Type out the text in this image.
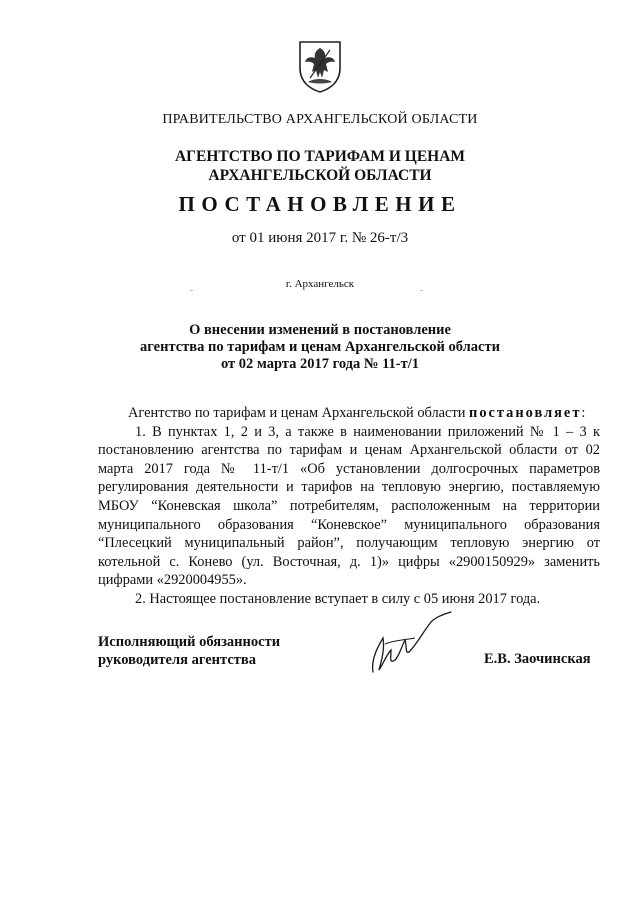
ПРАВИТЕЛЬСТВО АРХАНГЕЛЬСКОЙ ОБЛАСТИ
АГЕНТСТВО ПО ТАРИФАМ И ЦЕНАМ
АРХАНГЕЛЬСКОЙ ОБЛАСТИ
ПОСТАНОВЛЕНИЕ
от 01 июня 2017 г. № 26-т/3
г. Архангельск
О внесении изменений в постановление
агентства по тарифам и ценам Архангельской области
от 02 марта 2017 года № 11-т/1

Агентство по тарифам и ценам Архангельской области постановляет:

1. В пунктах 1, 2 и 3, а также в наименовании приложений № 1 – 3 к постановлению агентства по тарифам и ценам Архангельской области от 02 марта 2017 года № 11-т/1 «Об установлении долгосрочных параметров регулирования деятельности и тарифов на тепловую энергию, поставляемую МБОУ “Коневская школа” потребителям, расположенным на территории муниципального образования “Коневское” муниципального образования “Плесецкий муниципальный район”, получающим тепловую энергию от котельной с. Конево (ул. Восточная, д. 1)» цифры «2900150929» заменить цифрами «2920004955».

2. Настоящее постановление вступает в силу с 05 июня 2017 года.

Исполняющий обязанности
руководителя агентства	Е.В. Заочинская
